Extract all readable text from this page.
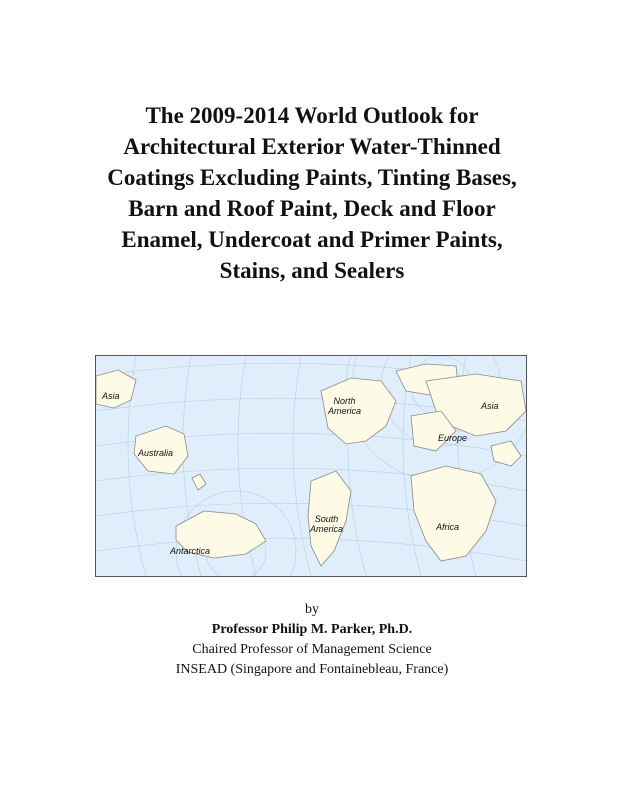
The 2009-2014 World Outlook for
Architectural Exterior Water-Thinned
Coatings Excluding Paints, Tinting Bases,
Barn and Roof Paint, Deck and Floor
Enamel, Undercoat and Primer Paints,
Stains, and Sealers
Asia	North
America	Asia
Europe
Australia
South
America	Africa
Antarctica
by
Professor Philip M. Parker, Ph.D.
Chaired Professor of Management Science
INSEAD (Singapore and Fontainebleau, France)
